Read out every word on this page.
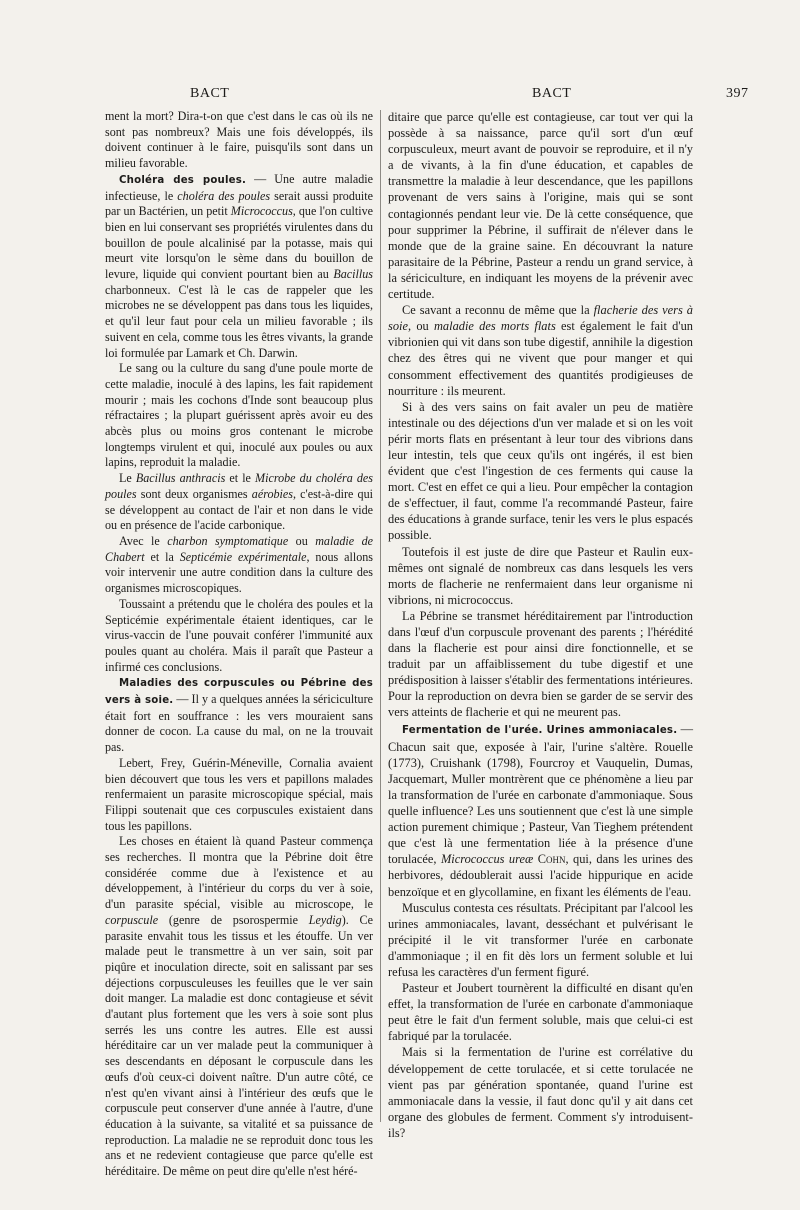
BACT	BACT	397

ment la mort? Dira-t-on que c'est dans le cas où ils ne sont pas nombreux? Mais une fois développés, ils doivent continuer à le faire, puisqu'ils sont dans un milieu favorable.

Choléra des poules. — Une autre maladie infectieuse, le choléra des poules serait aussi produite par un Bactérien, un petit Micrococcus, que l'on cultive bien en lui conservant ses propriétés virulentes dans du bouillon de poule alcalinisé par la potasse, mais qui meurt vite lorsqu'on le sème dans du bouillon de levure, liquide qui convient pourtant bien au Bacillus charbonneux. C'est là le cas de rappeler que les microbes ne se développent pas dans tous les liquides, et qu'il leur faut pour cela un milieu favorable ; ils suivent en cela, comme tous les êtres vivants, la grande loi formulée par Lamark et Ch. Darwin.

Le sang ou la culture du sang d'une poule morte de cette maladie, inoculé à des lapins, les fait rapidement mourir ; mais les cochons d'Inde sont beaucoup plus réfractaires ; la plupart guérissent après avoir eu des abcès plus ou moins gros contenant le microbe longtemps virulent et qui, inoculé aux poules ou aux lapins, reproduit la maladie.

Le Bacillus anthracis et le Microbe du choléra des poules sont deux organismes aérobies, c'est-à-dire qui se développent au contact de l'air et non dans le vide ou en présence de l'acide carbonique.

Avec le charbon symptomatique ou maladie de Chabert et la Septicémie expérimentale, nous allons voir intervenir une autre condition dans la culture des organismes microscopiques.

Toussaint a prétendu que le choléra des poules et la Septicémie expérimentale étaient identiques, car le virus-vaccin de l'une pouvait conférer l'immunité aux poules quant au choléra. Mais il paraît que Pasteur a infirmé ces conclusions.

Maladies des corpuscules ou Pébrine des vers à soie. — Il y a quelques années la sériciculture était fort en souffrance : les vers mouraient sans donner de cocon. La cause du mal, on ne la trouvait pas.

Lebert, Frey, Guérin-Méneville, Cornalia avaient bien découvert que tous les vers et papillons malades renfermaient un parasite microscopique spécial, mais Filippi soutenait que ces corpuscules existaient dans tous les papillons.

Les choses en étaient là quand Pasteur commença ses recherches. Il montra que la Pébrine doit être considérée comme due à l'existence et au développement, à l'intérieur du corps du ver à soie, d'un parasite spécial, visible au microscope, le corpuscule (genre de psorospermie Leydig). Ce parasite envahit tous les tissus et les étouffe. Un ver malade peut le transmettre à un ver sain, soit par piqûre et inoculation directe, soit en salissant par ses déjections corpusculeuses les feuilles que le ver sain doit manger. La maladie est donc contagieuse et sévit d'autant plus fortement que les vers à soie sont plus serrés les uns contre les autres. Elle est aussi héréditaire car un ver malade peut la communiquer à ses descendants en déposant le corpuscule dans les œufs d'où ceux-ci doivent naître. D'un autre côté, ce n'est qu'en vivant ainsi à l'intérieur des œufs que le corpuscule peut conserver d'une année à l'autre, d'une éducation à la suivante, sa vitalité et sa puissance de reproduction. La maladie ne se reproduit donc tous les ans et ne redevient contagieuse que parce qu'elle est héréditaire. De même on peut dire qu'elle n'est héré-

ditaire que parce qu'elle est contagieuse, car tout ver qui la possède à sa naissance, parce qu'il sort d'un œuf corpusculeux, meurt avant de pouvoir se reproduire, et il n'y a de vivants, à la fin d'une éducation, et capables de transmettre la maladie à leur descendance, que les papillons provenant de vers sains à l'origine, mais qui se sont contagionnés pendant leur vie. De là cette conséquence, que pour supprimer la Pébrine, il suffirait de n'élever dans le monde que de la graine saine. En découvrant la nature parasitaire de la Pébrine, Pasteur a rendu un grand service, à la sériciculture, en indiquant les moyens de la prévenir avec certitude.

Ce savant a reconnu de même que la flacherie des vers à soie, ou maladie des morts flats est également le fait d'un vibrionien qui vit dans son tube digestif, annihile la digestion chez des êtres qui ne vivent que pour manger et qui consomment effectivement des quantités prodigieuses de nourriture : ils meurent.

Si à des vers sains on fait avaler un peu de matière intestinale ou des déjections d'un ver malade et si on les voit périr morts flats en présentant à leur tour des vibrions dans leur intestin, tels que ceux qu'ils ont ingérés, il est bien évident que c'est l'ingestion de ces ferments qui cause la mort. C'est en effet ce qui a lieu. Pour empêcher la contagion de s'effectuer, il faut, comme l'a recommandé Pasteur, faire des éducations à grande surface, tenir les vers le plus espacés possible.

Toutefois il est juste de dire que Pasteur et Raulin eux-mêmes ont signalé de nombreux cas dans lesquels les vers morts de flacherie ne renfermaient dans leur organisme ni vibrions, ni micrococcus.

La Pébrine se transmet héréditairement par l'introduction dans l'œuf d'un corpuscule provenant des parents ; l'hérédité dans la flacherie est pour ainsi dire fonctionnelle, et se traduit par un affaiblissement du tube digestif et une prédisposition à laisser s'établir des fermentations intérieures. Pour la reproduction on devra bien se garder de se servir des vers atteints de flacherie et qui ne meurent pas.

Fermentation de l'urée. Urines ammoniacales. — Chacun sait que, exposée à l'air, l'urine s'altère. Rouelle (1773), Cruishank (1798), Fourcroy et Vauquelin, Dumas, Jacquemart, Muller montrèrent que ce phénomène a lieu par la transformation de l'urée en carbonate d'ammoniaque. Sous quelle influence? Les uns soutiennent que c'est là une simple action purement chimique ; Pasteur, Van Tieghem prétendent que c'est là une fermentation liée à la présence d'une torulacée, Micrococcus ureæ Cohn, qui, dans les urines des herbivores, dédoublerait aussi l'acide hippurique en acide benzoïque et en glycollamine, en fixant les éléments de l'eau.

Musculus contesta ces résultats. Précipitant par l'alcool les urines ammoniacales, lavant, desséchant et pulvérisant le précipité il le vit transformer l'urée en carbonate d'ammoniaque ; il en fit dès lors un ferment soluble et lui refusa les caractères d'un ferment figuré.

Pasteur et Joubert tournèrent la difficulté en disant qu'en effet, la transformation de l'urée en carbonate d'ammoniaque peut être le fait d'un ferment soluble, mais que celui-ci est fabriqué par la torulacée.

Mais si la fermentation de l'urine est corrélative du développement de cette torulacée, et si cette torulacée ne vient pas par génération spontanée, quand l'urine est ammoniacale dans la vessie, il faut donc qu'il y ait dans cet organe des globules de ferment. Comment s'y introduisent-ils?
